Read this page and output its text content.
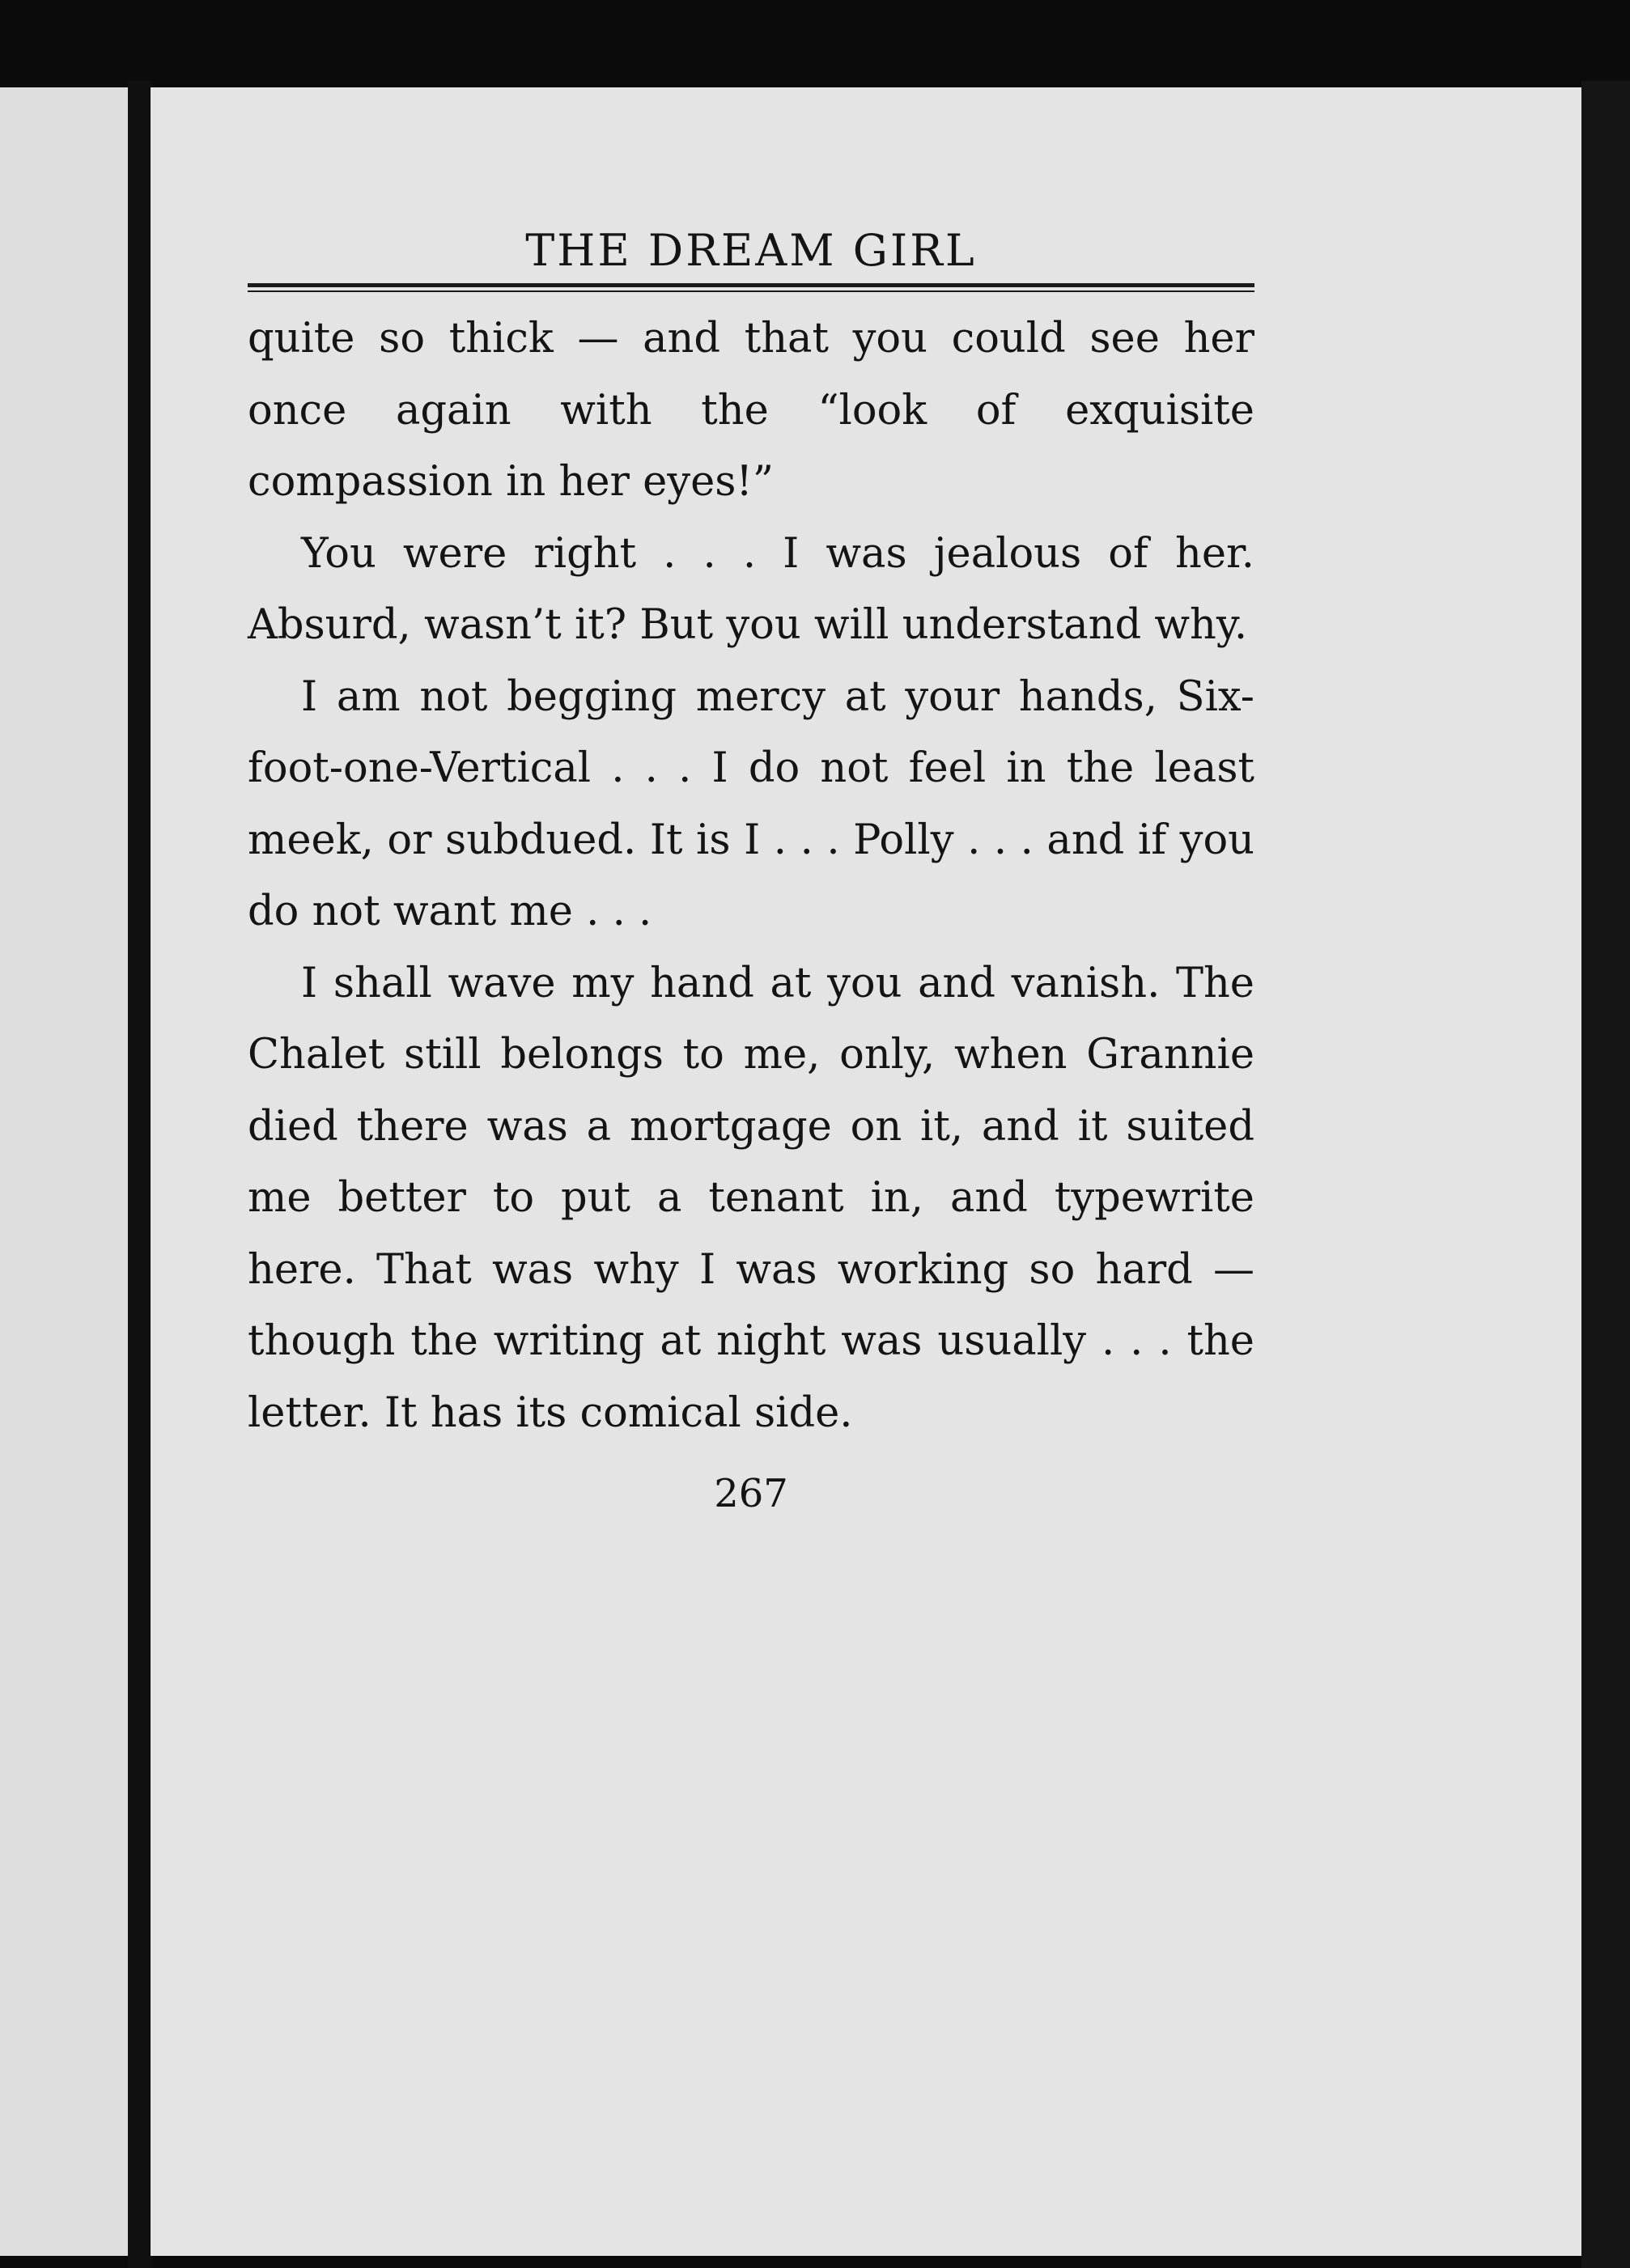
THE DREAM GIRL

quite so thick — and that you could see her once again with the “look of exquisite compassion in her eyes!”

You were right . . . I was jealous of her. Absurd, wasn’t it? But you will understand why.

I am not begging mercy at your hands, Six-foot-one-Vertical . . . I do not feel in the least meek, or subdued. It is I . . . Polly . . . and if you do not want me . . .

I shall wave my hand at you and vanish. The Chalet still belongs to me, only, when Grannie died there was a mortgage on it, and it suited me better to put a tenant in, and typewrite here. That was why I was working so hard — though the writing at night was usually . . . the letter. It has its comical side.

267
